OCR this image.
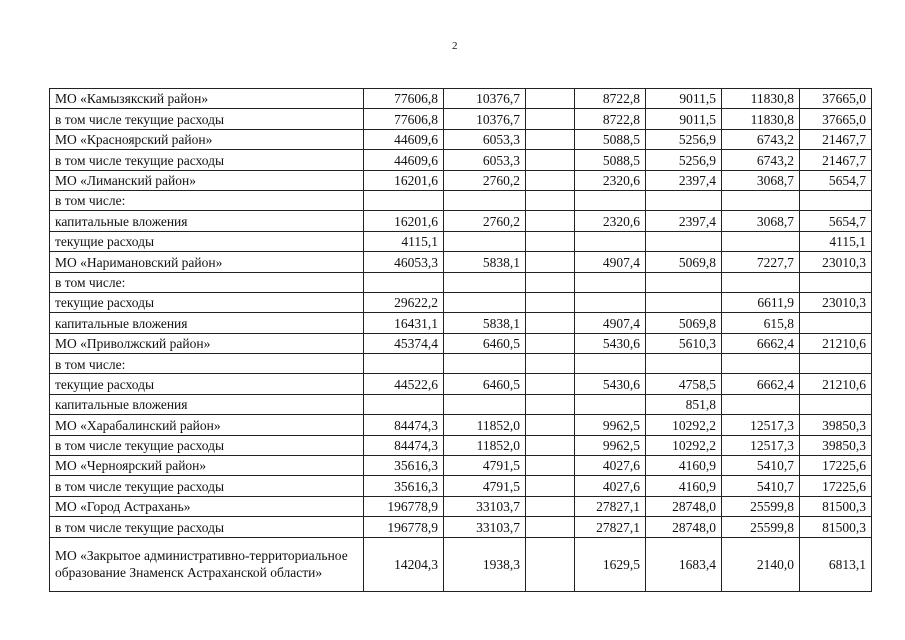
2
МО «Камызякский район»	77606,8	10376,7		8722,8	9011,5	11830,8	37665,0
в том числе текущие расходы	77606,8	10376,7		8722,8	9011,5	11830,8	37665,0
МО «Красноярский район»	44609,6	6053,3		5088,5	5256,9	6743,2	21467,7
в том числе текущие расходы	44609,6	6053,3		5088,5	5256,9	6743,2	21467,7
МО «Лиманский район»	16201,6	2760,2		2320,6	2397,4	3068,7	5654,7
в том числе:							
капитальные вложения	16201,6	2760,2		2320,6	2397,4	3068,7	5654,7
текущие расходы	4115,1						4115,1
МО «Наримановский район»	46053,3	5838,1		4907,4	5069,8	7227,7	23010,3
в том числе:							
текущие расходы	29622,2					6611,9	23010,3
капитальные вложения	16431,1	5838,1		4907,4	5069,8	615,8	
МО «Приволжский район»	45374,4	6460,5		5430,6	5610,3	6662,4	21210,6
в том числе:							
текущие расходы	44522,6	6460,5		5430,6	4758,5	6662,4	21210,6
капитальные вложения					851,8		
МО «Харабалинский район»	84474,3	11852,0		9962,5	10292,2	12517,3	39850,3
в том числе текущие расходы	84474,3	11852,0		9962,5	10292,2	12517,3	39850,3
МО «Черноярский район»	35616,3	4791,5		4027,6	4160,9	5410,7	17225,6
в том числе текущие расходы	35616,3	4791,5		4027,6	4160,9	5410,7	17225,6
МО «Город Астрахань»	196778,9	33103,7		27827,1	28748,0	25599,8	81500,3
в том числе текущие расходы	196778,9	33103,7		27827,1	28748,0	25599,8	81500,3
МО «Закрытое административно-территориальное образование Знаменск Астраханской области»	14204,3	1938,3		1629,5	1683,4	2140,0	6813,1
